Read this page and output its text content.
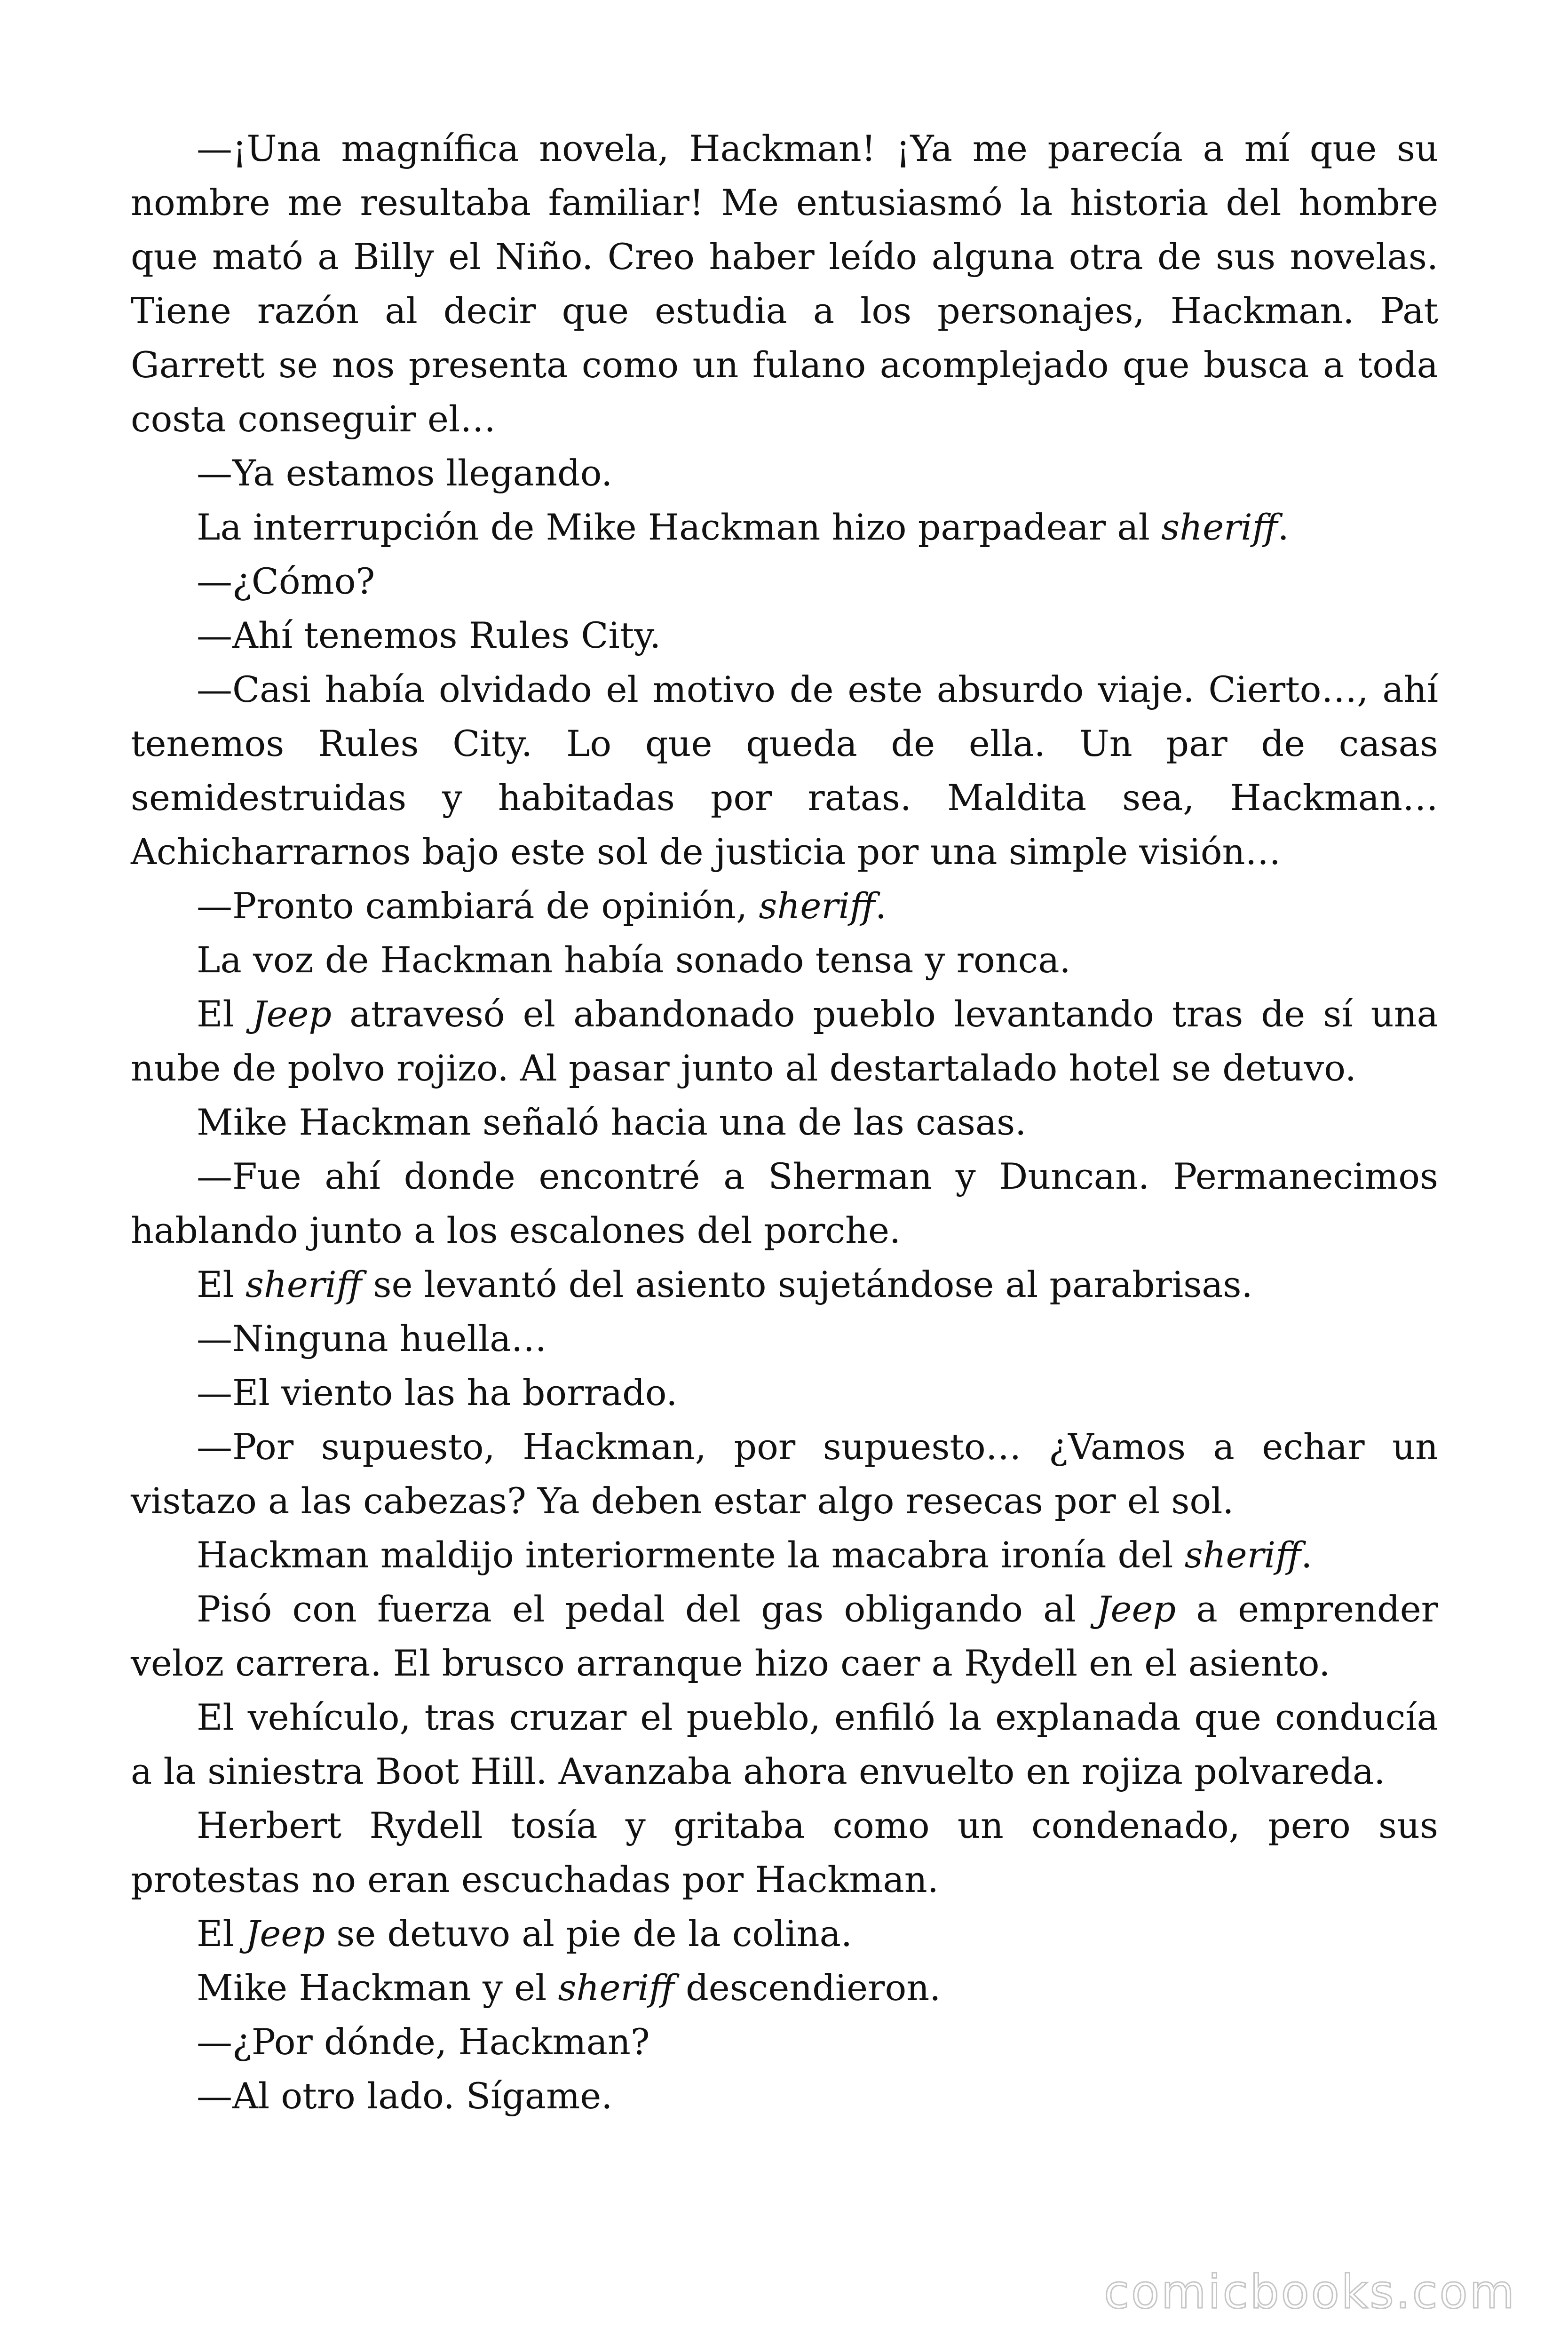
—¡Una magnífica novela, Hackman! ¡Ya me parecía a mí que su nombre me resultaba familiar! Me entusiasmó la historia del hombre que mató a Billy el Niño. Creo haber leído alguna otra de sus novelas. Tiene razón al decir que estudia a los personajes, Hackman. Pat Garrett se nos presenta como un fulano acomplejado que busca a toda costa conseguir el…

—Ya estamos llegando.

La interrupción de Mike Hackman hizo parpadear al sheriff.

—¿Cómo?

—Ahí tenemos Rules City.

—Casi había olvidado el motivo de este absurdo viaje. Cierto…, ahí tenemos Rules City. Lo que queda de ella. Un par de casas semidestruidas y habitadas por ratas. Maldita sea, Hackman… Achicharrarnos bajo este sol de justicia por una simple visión…

—Pronto cambiará de opinión, sheriff.

La voz de Hackman había sonado tensa y ronca.

El Jeep atravesó el abandonado pueblo levantando tras de sí una nube de polvo rojizo. Al pasar junto al destartalado hotel se detuvo.

Mike Hackman señaló hacia una de las casas.

—Fue ahí donde encontré a Sherman y Duncan. Permanecimos hablando junto a los escalones del porche.

El sheriff se levantó del asiento sujetándose al parabrisas.

—Ninguna huella…

—El viento las ha borrado.

—Por supuesto, Hackman, por supuesto… ¿Vamos a echar un vistazo a las cabezas? Ya deben estar algo resecas por el sol.

Hackman maldijo interiormente la macabra ironía del sheriff.

Pisó con fuerza el pedal del gas obligando al Jeep a emprender veloz carrera. El brusco arranque hizo caer a Rydell en el asiento.

El vehículo, tras cruzar el pueblo, enfiló la explanada que conducía a la siniestra Boot Hill. Avanzaba ahora envuelto en rojiza polvareda.

Herbert Rydell tosía y gritaba como un condenado, pero sus protestas no eran escuchadas por Hackman.

El Jeep se detuvo al pie de la colina.

Mike Hackman y el sheriff descendieron.

—¿Por dónde, Hackman?

—Al otro lado. Sígame.

comicbooks.com
